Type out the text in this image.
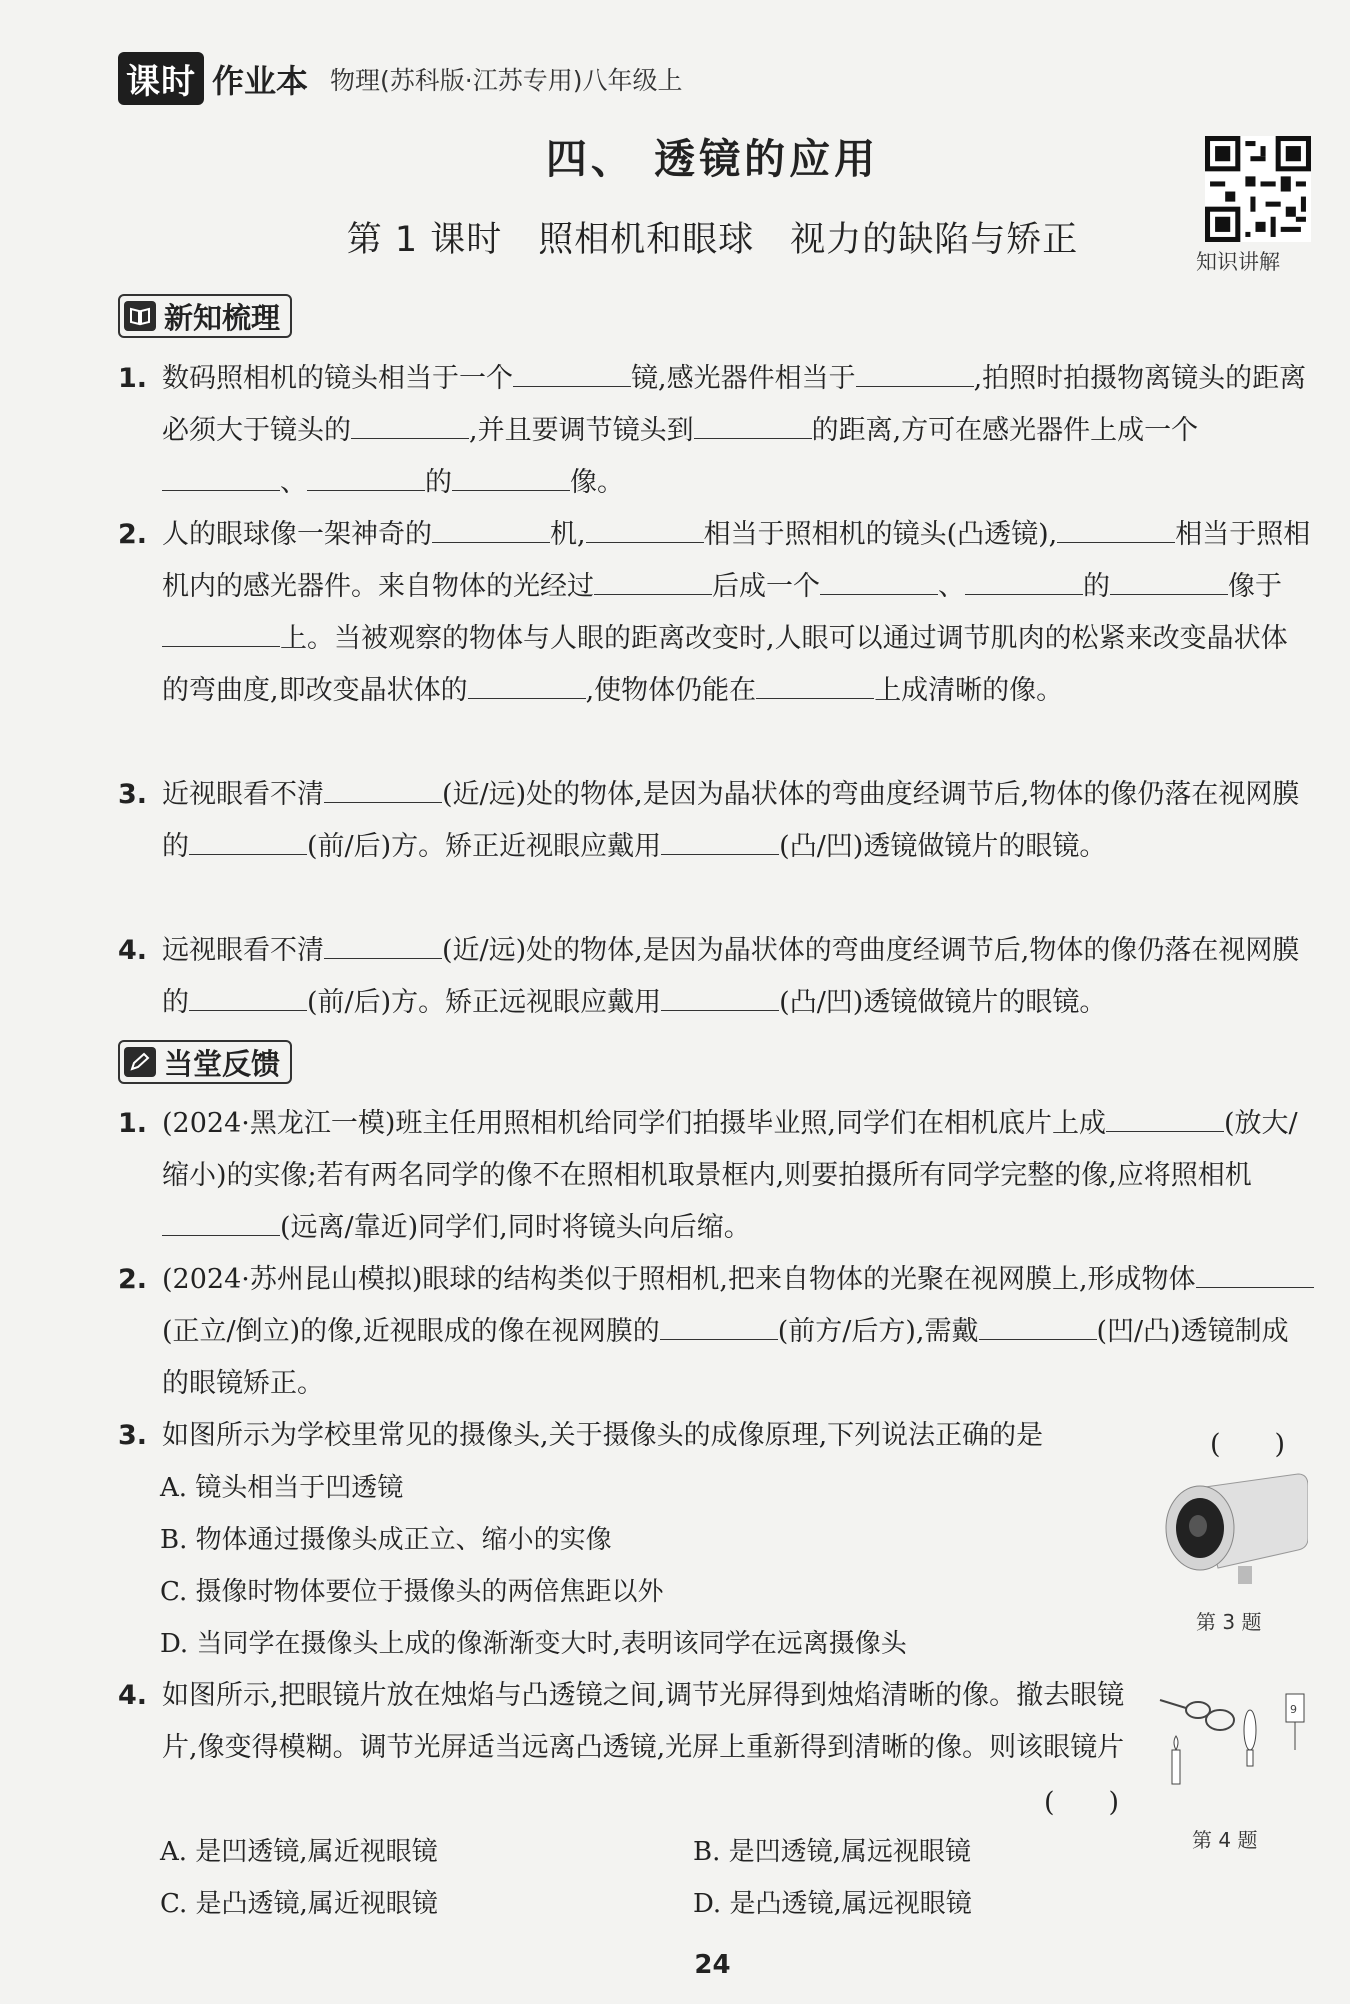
课时 作业本 物理(苏科版·江苏专用)八年级上
四、 透镜的应用
第 1 课时　照相机和眼球　视力的缺陷与矫正
知识讲解
新知梳理
1. 数码照相机的镜头相当于一个	镜,感光器件相当于	,拍照时拍摄物离镜头的距离必须大于镜头的	,并且要调节镜头到	的距离,方可在感光器件上成一个、	的	像。
2. 人的眼球像一架神奇的	机,	相当于照相机的镜头(凸透镜),	相当于照相机内的感光器件。来自物体的光经过	后成一个	、	的	像于上。当被观察的物体与人眼的距离改变时,人眼可以通过调节肌肉的松紧来改变晶状体的弯曲度,即改变晶状体的	,使物体仍能在	上成清晰的像。
3. 近视眼看不清	(近/远)处的物体,是因为晶状体的弯曲度经调节后,物体的像仍落在视网膜的	(前/后)方。矫正近视眼应戴用	(凸/凹)透镜做镜片的眼镜。
4. 远视眼看不清	(近/远)处的物体,是因为晶状体的弯曲度经调节后,物体的像仍落在视网膜的	(前/后)方。矫正远视眼应戴用	(凸/凹)透镜做镜片的眼镜。
当堂反馈
1. (2024·黑龙江一模)班主任用照相机给同学们拍摄毕业照,同学们在相机底片上成	(放大/缩小)的实像;若有两名同学的像不在照相机取景框内,则要拍摄所有同学完整的像,应将照相机(远离/靠近)同学们,同时将镜头向后缩。
2. (2024·苏州昆山模拟)眼球的结构类似于照相机,把来自物体的光聚在视网膜上,形成物体(正立/倒立)的像,近视眼成的像在视网膜的	(前方/后方),需戴	(凹/凸)透镜制成的眼镜矫正。
3. 如图所示为学校里常见的摄像头,关于摄像头的成像原理,下列说法正确的是	(　　)
A. 镜头相当于凹透镜
B. 物体通过摄像头成正立、缩小的实像
C. 摄像时物体要位于摄像头的两倍焦距以外
D. 当同学在摄像头上成的像渐渐变大时,表明该同学在远离摄像头
第 3 题
4. 如图所示,把眼镜片放在烛焰与凸透镜之间,调节光屏得到烛焰清晰的像。撤去眼镜片,像变得模糊。调节光屏适当远离凸透镜,光屏上重新得到清晰的像。则该眼镜片
(　　)
A. 是凹透镜,属近视眼镜	B. 是凹透镜,属远视眼镜
C. 是凸透镜,属近视眼镜	D. 是凸透镜,属远视眼镜
9
第 4 题
24
